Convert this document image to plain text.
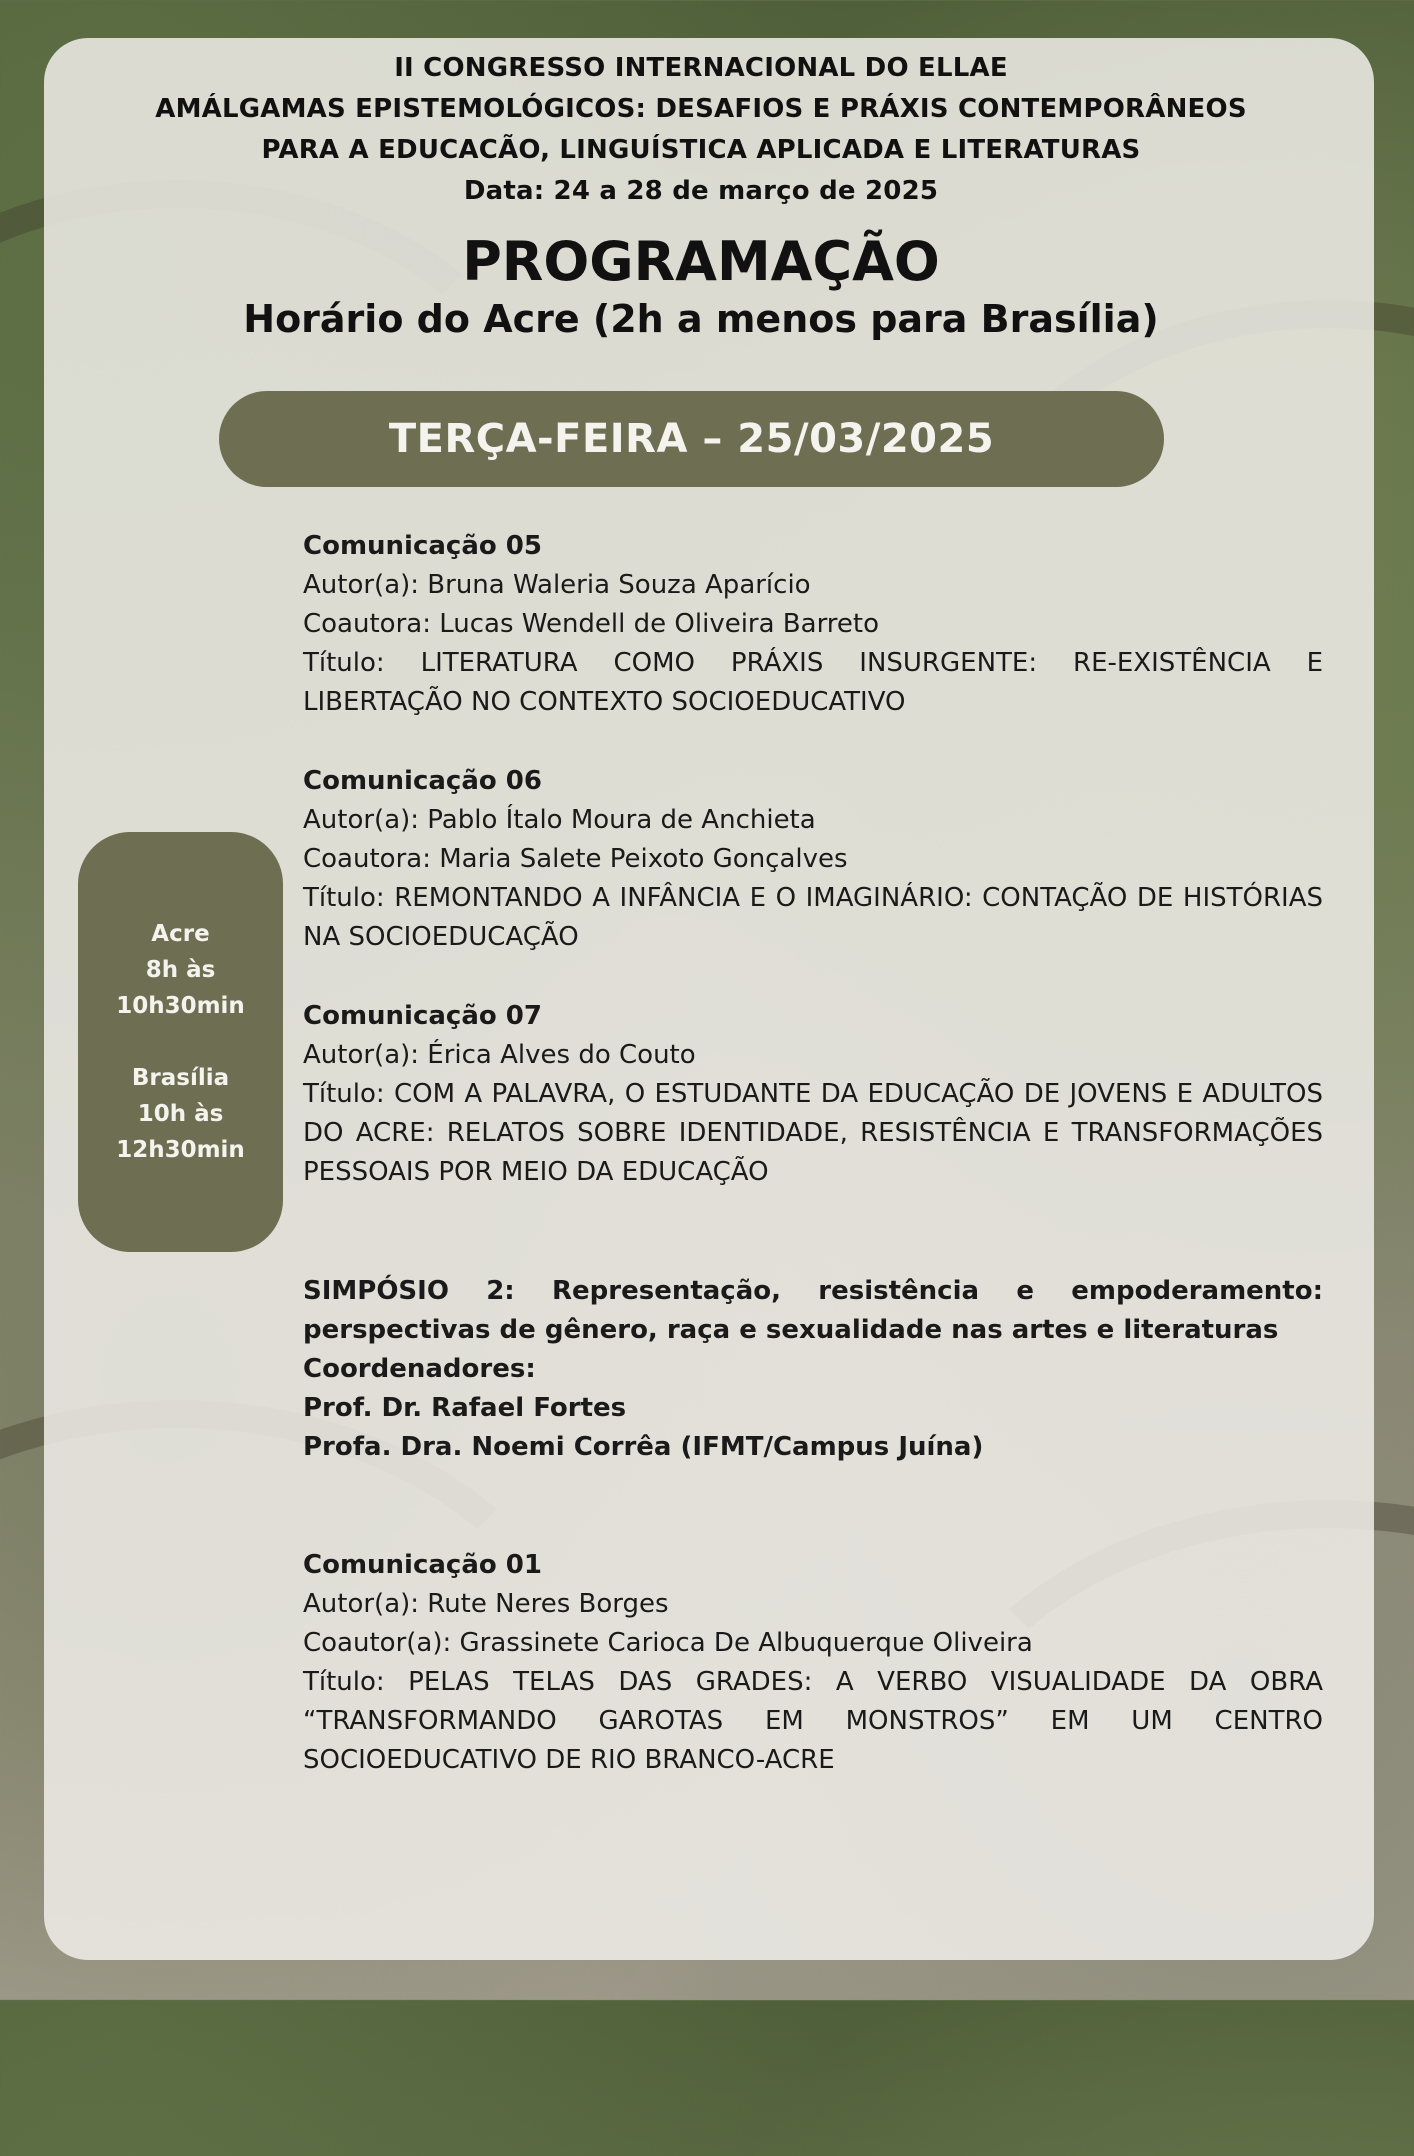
II CONGRESSO INTERNACIONAL DO ELLAE
AMÁLGAMAS EPISTEMOLÓGICOS: DESAFIOS E PRÁXIS CONTEMPORÂNEOS
PARA A EDUCACÃO, LINGUÍSTICA APLICADA E LITERATURAS
Data: 24 a 28 de março de 2025
PROGRAMAÇÃO
Horário do Acre (2h a menos para Brasília)
TERÇA-FEIRA – 25/03/2025
Acre
8h às
10h30min
Brasília
10h às
12h30min
Comunicação 05
Autor(a): Bruna Waleria Souza Aparício
Coautora: Lucas Wendell de Oliveira Barreto
Título: LITERATURA COMO PRÁXIS INSURGENTE: RE-EXISTÊNCIA E LIBERTAÇÃO NO CONTEXTO SOCIOEDUCATIVO
Comunicação 06
Autor(a): Pablo Ítalo Moura de Anchieta
Coautora: Maria Salete Peixoto Gonçalves
Título: REMONTANDO A INFÂNCIA E O IMAGINÁRIO: CONTAÇÃO DE HISTÓRIAS NA SOCIOEDUCAÇÃO
Comunicação 07
Autor(a): Érica Alves do Couto
Título: COM A PALAVRA, O ESTUDANTE DA EDUCAÇÃO DE JOVENS E ADULTOS DO ACRE: RELATOS SOBRE IDENTIDADE, RESISTÊNCIA E TRANSFORMAÇÕES PESSOAIS POR MEIO DA EDUCAÇÃO
SIMPÓSIO 2: Representação, resistência e empoderamento: perspectivas de gênero, raça e sexualidade nas artes e literaturas
Coordenadores:
Prof. Dr. Rafael Fortes
Profa. Dra. Noemi Corrêa (IFMT/Campus Juína)
Comunicação 01
Autor(a): Rute Neres Borges
Coautor(a): Grassinete Carioca De Albuquerque Oliveira
Título: PELAS TELAS DAS GRADES: A VERBO VISUALIDADE DA OBRA “TRANSFORMANDO GAROTAS EM MONSTROS” EM UM CENTRO SOCIOEDUCATIVO DE RIO BRANCO-ACRE
